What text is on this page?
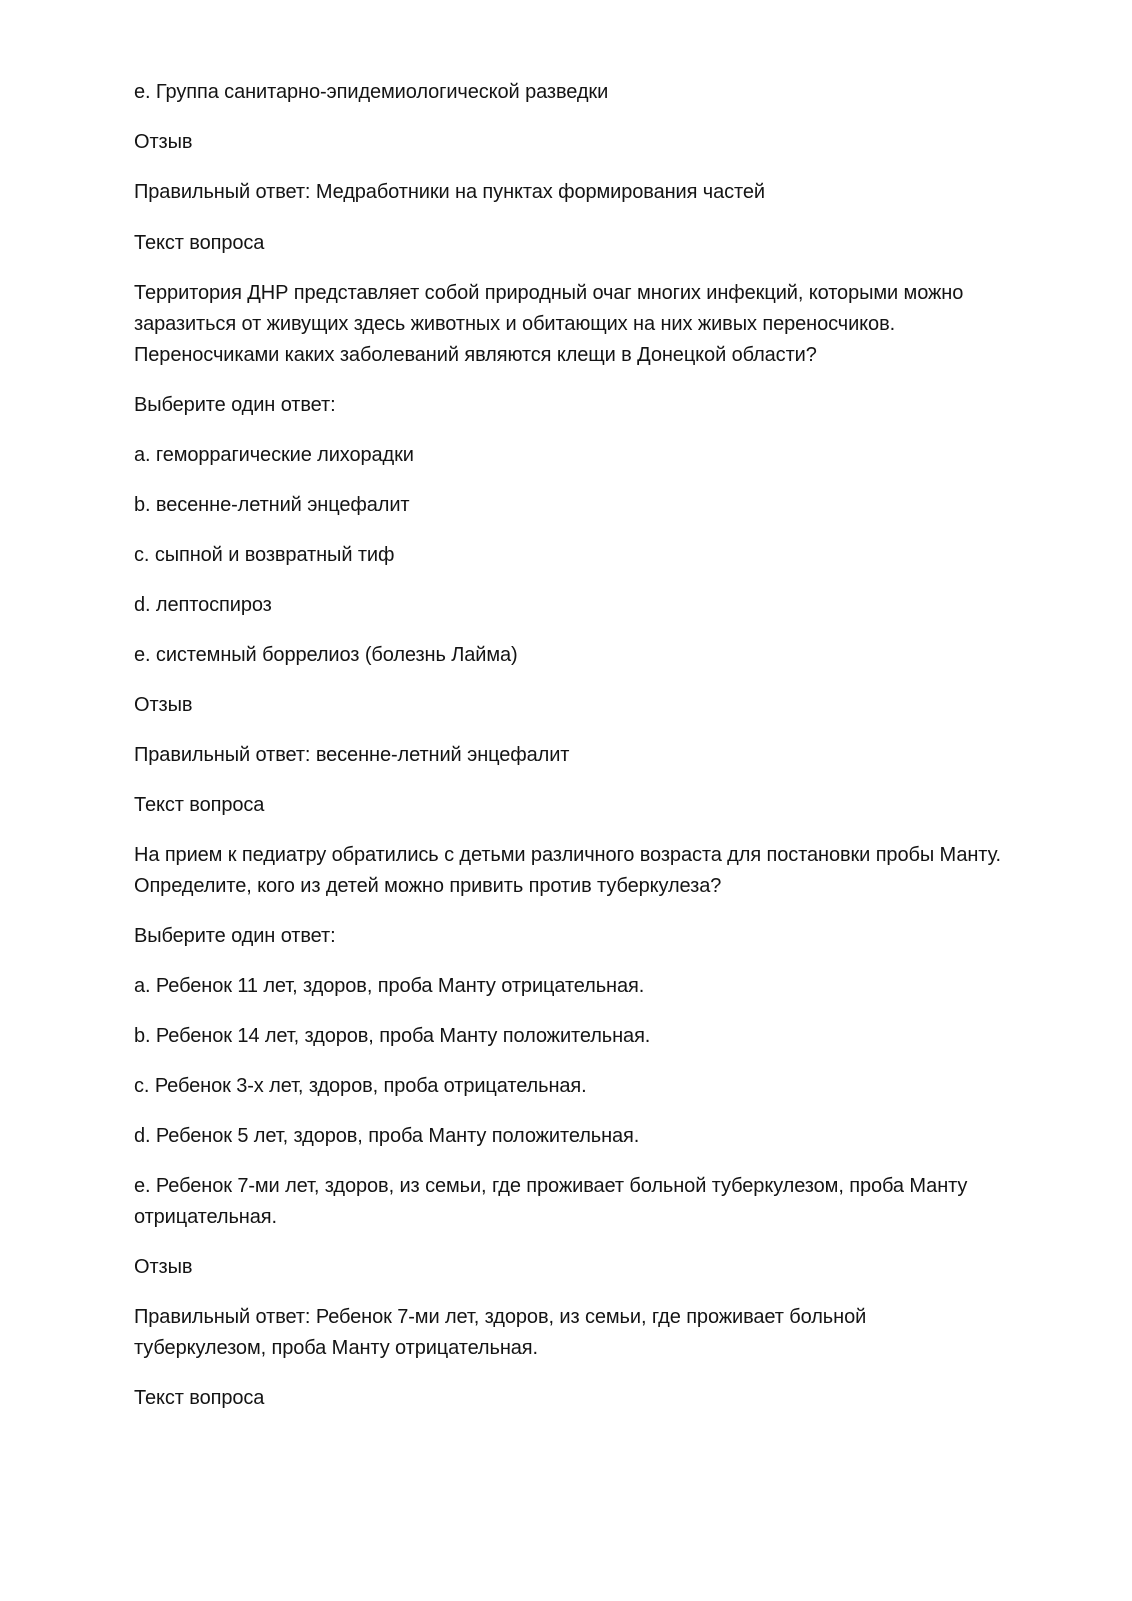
e. Группа санитарно-эпидемиологической разведки

Отзыв

Правильный ответ: Медработники на пунктах формирования частей

Текст вопроса

Территория ДНР представляет собой природный очаг многих инфекций, которыми можно

заразиться от живущих здесь животных и обитающих на них живых переносчиков.

Переносчиками каких заболеваний являются клещи в Донецкой области?

Выберите один ответ:

a. геморрагические лихорадки

b. весенне-летний энцефалит

c. сыпной и возвратный тиф

d. лептоспироз

e. системный боррелиоз (болезнь Лайма)

Отзыв

Правильный ответ: весенне-летний энцефалит

Текст вопроса

На прием к педиатру обратились с детьми различного возраста для постановки пробы Манту.

Определите, кого из детей можно привить против туберкулеза?

Выберите один ответ:

a. Ребенок 11 лет, здоров, проба Манту отрицательная.

b. Ребенок 14 лет, здоров, проба Манту положительная.

c. Ребенок 3-х лет, здоров, проба отрицательная.

d. Ребенок 5 лет, здоров, проба Манту положительная.

e. Ребенок 7-ми лет, здоров, из семьи, где проживает больной туберкулезом, проба Манту

отрицательная.

Отзыв

Правильный ответ: Ребенок 7-ми лет, здоров, из семьи, где проживает больной

туберкулезом, проба Манту отрицательная.

Текст вопроса
